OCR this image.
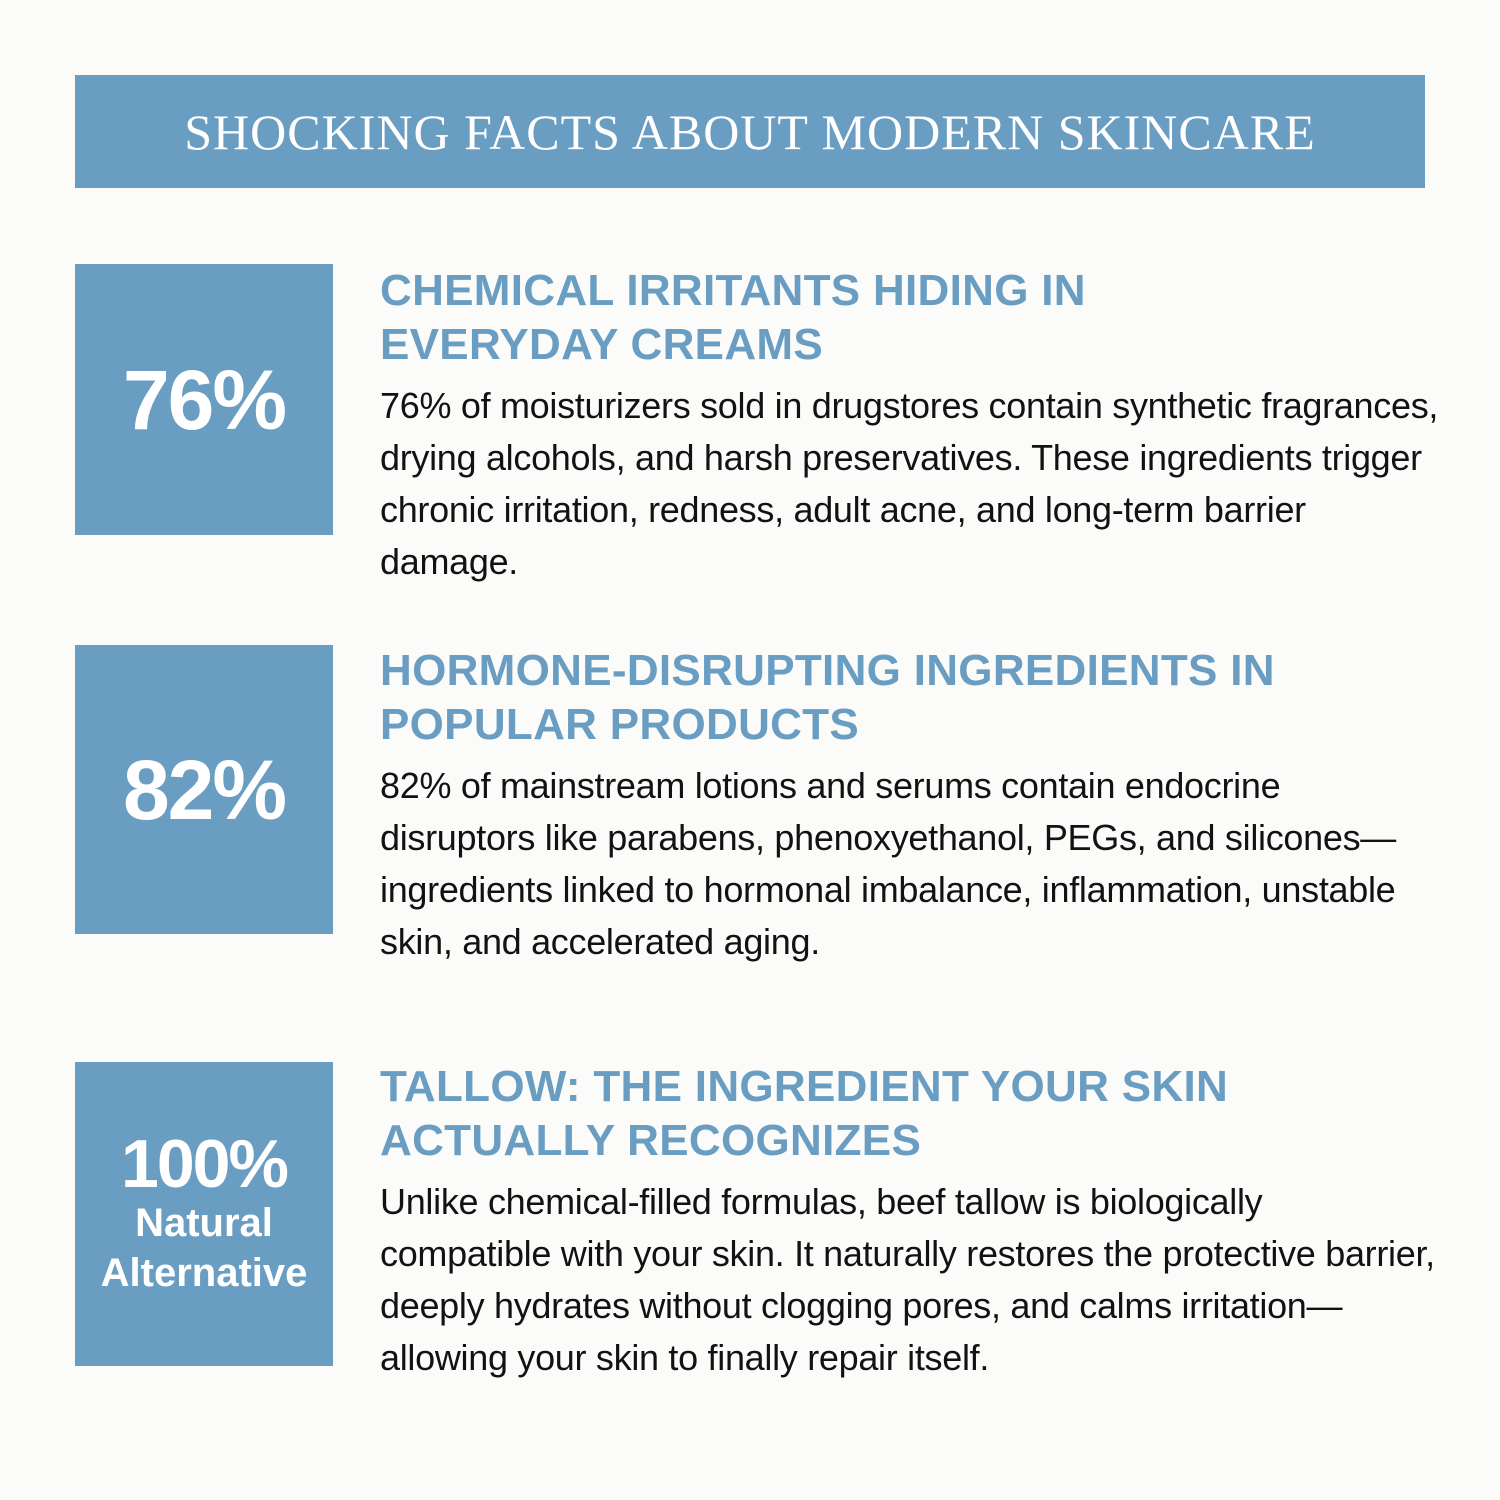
SHOCKING FACTS ABOUT MODERN SKINCARE
76%
CHEMICAL IRRITANTS HIDING IN EVERYDAY CREAMS

76% of moisturizers sold in drugstores contain synthetic fragrances, drying alcohols, and harsh preservatives. These ingredients trigger chronic irritation, redness, adult acne, and long-term barrier damage.

82%
HORMONE-DISRUPTING INGREDIENTS IN POPULAR PRODUCTS

82% of mainstream lotions and serums contain endocrine disruptors like parabens, phenoxyethanol, PEGs, and silicones—ingredients linked to hormonal imbalance, inflammation, unstable skin, and accelerated aging.

100%
Natural
Alternative
TALLOW: THE INGREDIENT YOUR SKIN ACTUALLY RECOGNIZES

Unlike chemical-filled formulas, beef tallow is biologically compatible with your skin. It naturally restores the protective barrier, deeply hydrates without clogging pores, and calms irritation—allowing your skin to finally repair itself.
